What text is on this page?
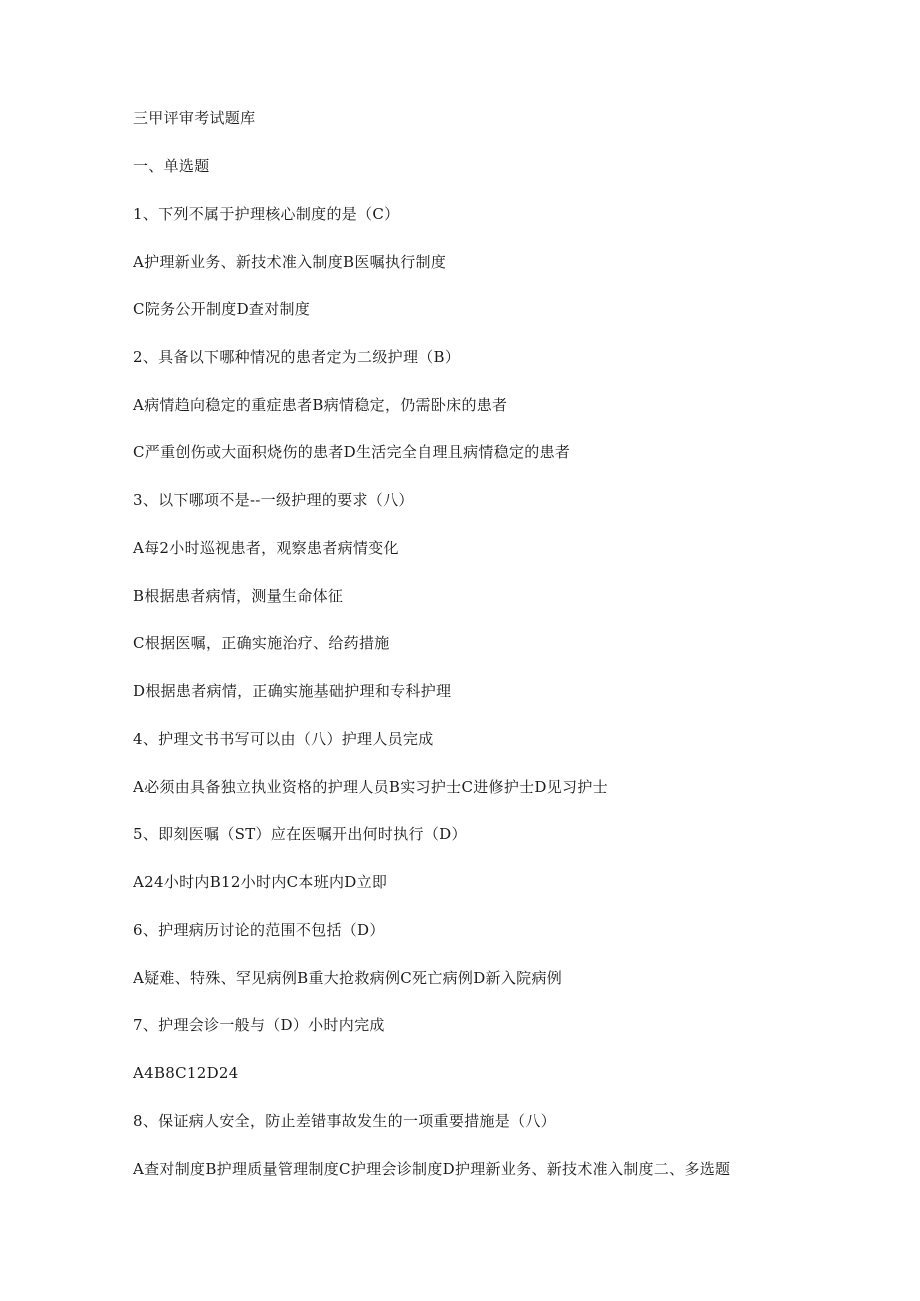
三甲评审考试题库
一、单选题
1、下列不属于护理核心制度的是（C）
A护理新业务、新技术准入制度B医嘱执行制度
C院务公开制度D查对制度
2、具备以下哪种情况的患者定为二级护理（B）
A病情趋向稳定的重症患者B病情稳定，仍需卧床的患者
C严重创伤或大面积烧伤的患者D生活完全自理且病情稳定的患者
3、以下哪项不是--一级护理的要求（八）
A每2小时巡视患者，观察患者病情变化
B根据患者病情，测量生命体征
C根据医嘱，正确实施治疗、给药措施
D根据患者病情，正确实施基础护理和专科护理
4、护理文书书写可以由（八）护理人员完成
A必须由具备独立执业资格的护理人员B实习护士C进修护士D见习护士
5、即刻医嘱（ST）应在医嘱开出何时执行（D）
A24小时内B12小时内C本班内D立即
6、护理病历讨论的范围不包括（D）
A疑难、特殊、罕见病例B重大抢救病例C死亡病例D新入院病例
7、护理会诊一般与（D）小时内完成
A4B8C12D24
8、保证病人安全，防止差错事故发生的一项重要措施是（八）
A查对制度B护理质量管理制度C护理会诊制度D护理新业务、新技术准入制度二、多选题
